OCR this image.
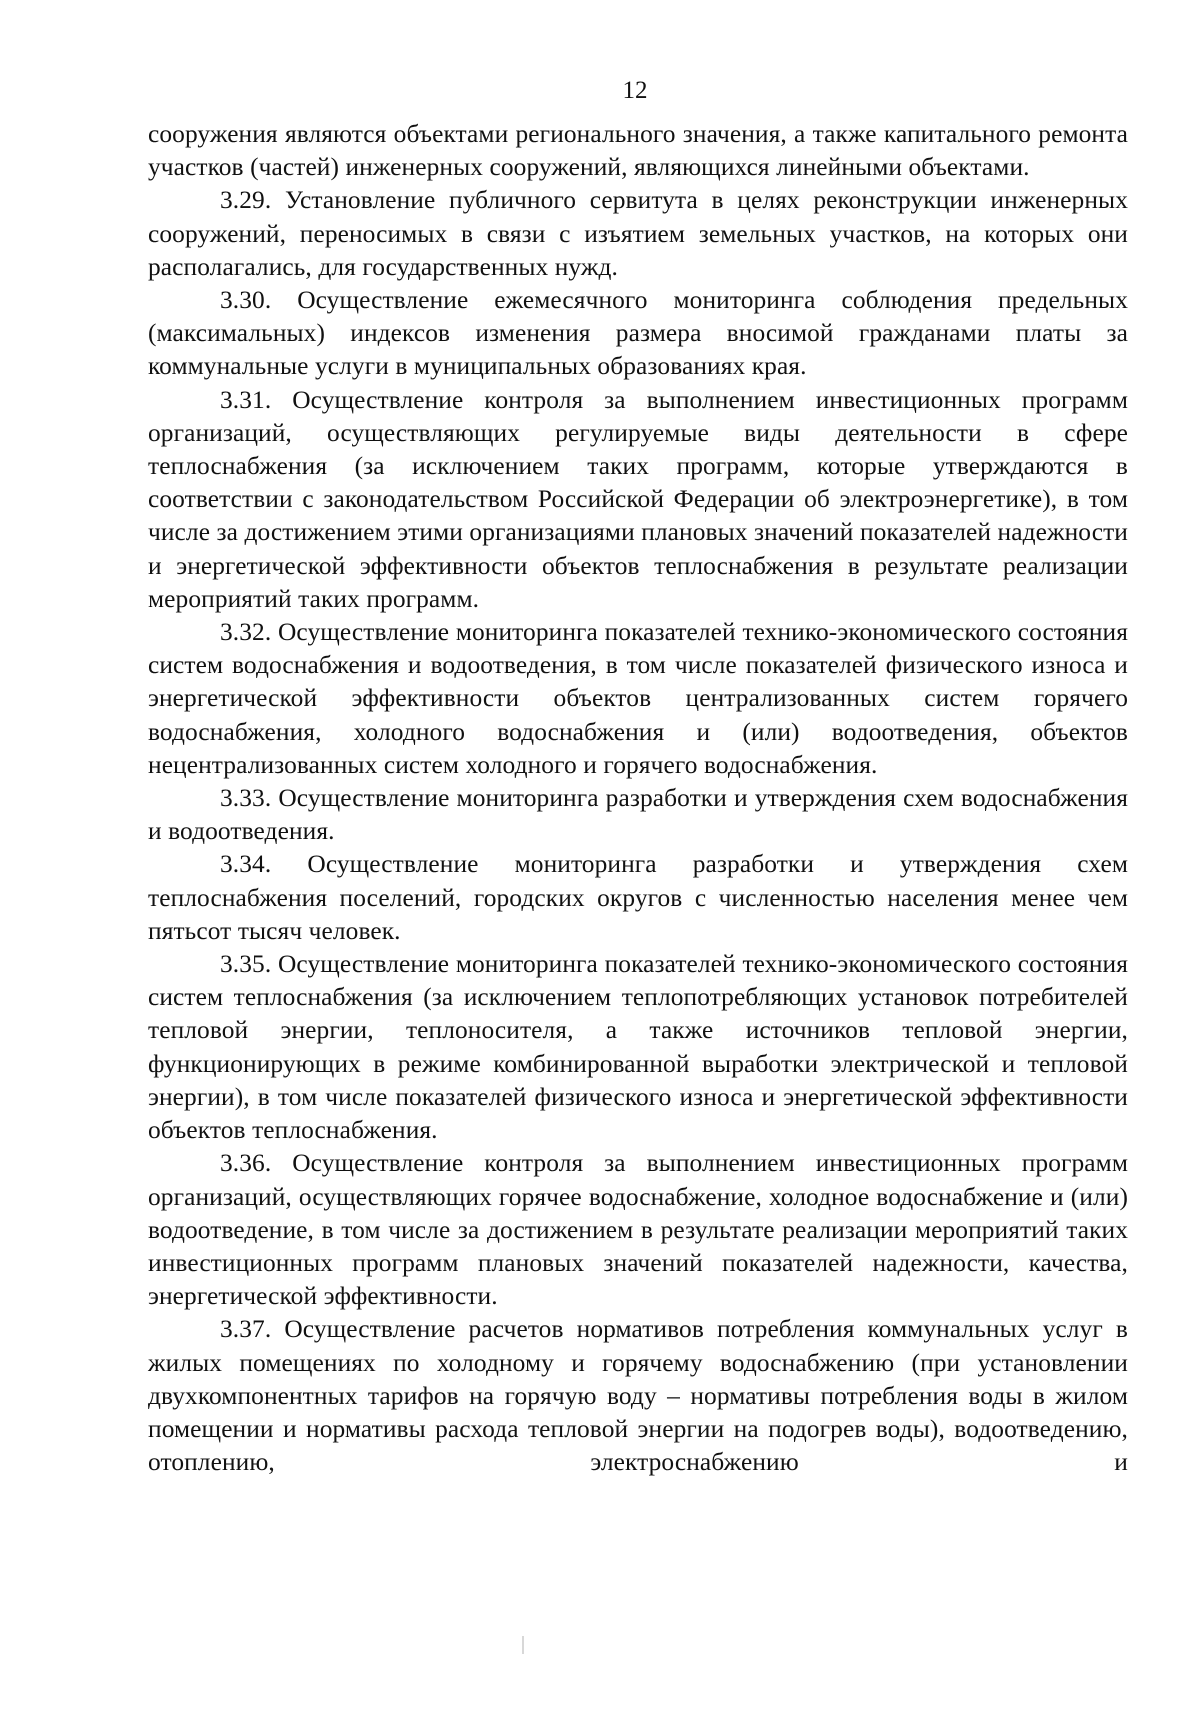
12

сооружения являются объектами регионального значения, а также капитального ремонта участков (частей) инженерных сооружений, являющихся линейными объектами.

3.29. Установление публичного сервитута в целях реконструкции инженерных сооружений, переносимых в связи с изъятием земельных участков, на которых они располагались, для государственных нужд.

3.30. Осуществление ежемесячного мониторинга соблюдения предельных (максимальных) индексов изменения размера вносимой гражданами платы за коммунальные услуги в муниципальных образованиях края.

3.31. Осуществление контроля за выполнением инвестиционных программ организаций, осуществляющих регулируемые виды деятельности в сфере теплоснабжения (за исключением таких программ, которые утверждаются в соответствии с законодательством Российской Федерации об электроэнергетике), в том числе за достижением этими организациями плановых значений показателей надежности и энергетической эффективности объектов теплоснабжения в результате реализации мероприятий таких программ.

3.32. Осуществление мониторинга показателей технико-экономического состояния систем водоснабжения и водоотведения, в том числе показателей физического износа и энергетической эффективности объектов централизованных систем горячего водоснабжения, холодного водоснабжения и (или) водоотведения, объектов нецентрализованных систем холодного и горячего водоснабжения.

3.33. Осуществление мониторинга разработки и утверждения схем водоснабжения и водоотведения.

3.34. Осуществление мониторинга разработки и утверждения схем теплоснабжения поселений, городских округов с численностью населения менее чем пятьсот тысяч человек.

3.35. Осуществление мониторинга показателей технико-экономического состояния систем теплоснабжения (за исключением теплопотребляющих установок потребителей тепловой энергии, теплоносителя, а также источников тепловой энергии, функционирующих в режиме комбинированной выработки электрической и тепловой энергии), в том числе показателей физического износа и энергетической эффективности объектов теплоснабжения.

3.36. Осуществление контроля за выполнением инвестиционных программ организаций, осуществляющих горячее водоснабжение, холодное водоснабжение и (или) водоотведение, в том числе за достижением в результате реализации мероприятий таких инвестиционных программ плановых значений показателей надежности, качества, энергетической эффективности.

3.37. Осуществление расчетов нормативов потребления коммунальных услуг в жилых помещениях по холодному и горячему водоснабжению (при установлении двухкомпонентных тарифов на горячую воду – нормативы потребления воды в жилом помещении и нормативы расхода тепловой энергии на подогрев воды), водоотведению, отоплению, электроснабжению и
